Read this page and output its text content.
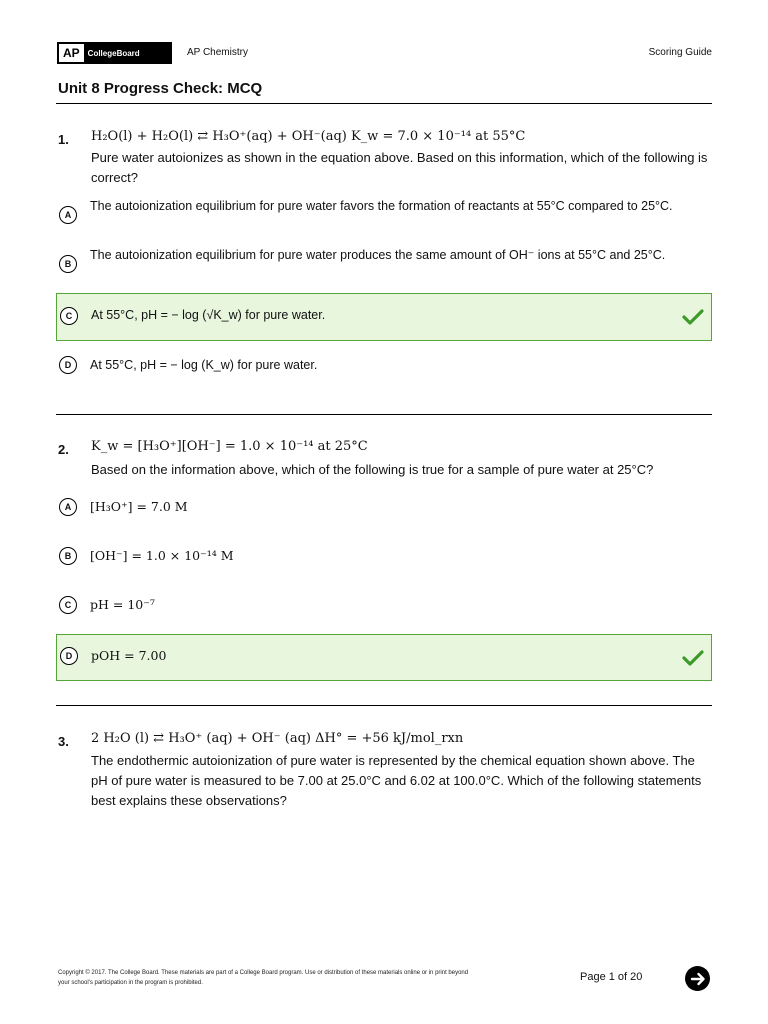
AP	CollegeBoard	AP Chemistry	Scoring Guide
Unit 8 Progress Check: MCQ
1. H₂O(l) + H₂O(l) ⇄ H₃O⁺(aq) + OH⁻(aq) K_w = 7.0 × 10⁻¹⁴ at 55°C
Pure water autoionizes as shown in the equation above. Based on this information, which of the following is correct?
A
The autoionization equilibrium for pure water favors the formation of reactants at 55°C compared to 25°C.
B
The autoionization equilibrium for pure water produces the same amount of OH⁻ ions at 55°C and 25°C.
C	At 55°C, pH = − log (√K_w) for pure water.
D	At 55°C, pH = − log (K_w) for pure water.
2. K_w = [H₃O⁺][OH⁻] = 1.0 × 10⁻¹⁴ at 25°C
Based on the information above, which of the following is true for a sample of pure water at 25°C?
A	[H₃O⁺] = 7.0 M
B	[OH⁻] = 1.0 × 10⁻¹⁴ M
C	pH = 10⁻⁷
D	pOH = 7.00
3. 2 H₂O (l) ⇄ H₃O⁺ (aq) + OH⁻ (aq) ΔH° = +56 kJ/mol_rxn
The endothermic autoionization of pure water is represented by the chemical equation shown above. The pH of pure water is measured to be 7.00 at 25.0°C and 6.02 at 100.0°C. Which of the following statements best explains these observations?
Copyright © 2017. The College Board. These materials are part of a College Board program. Use or distribution of these materials online or in print beyond your school's participation in the program is prohibited.	Page 1 of 20
